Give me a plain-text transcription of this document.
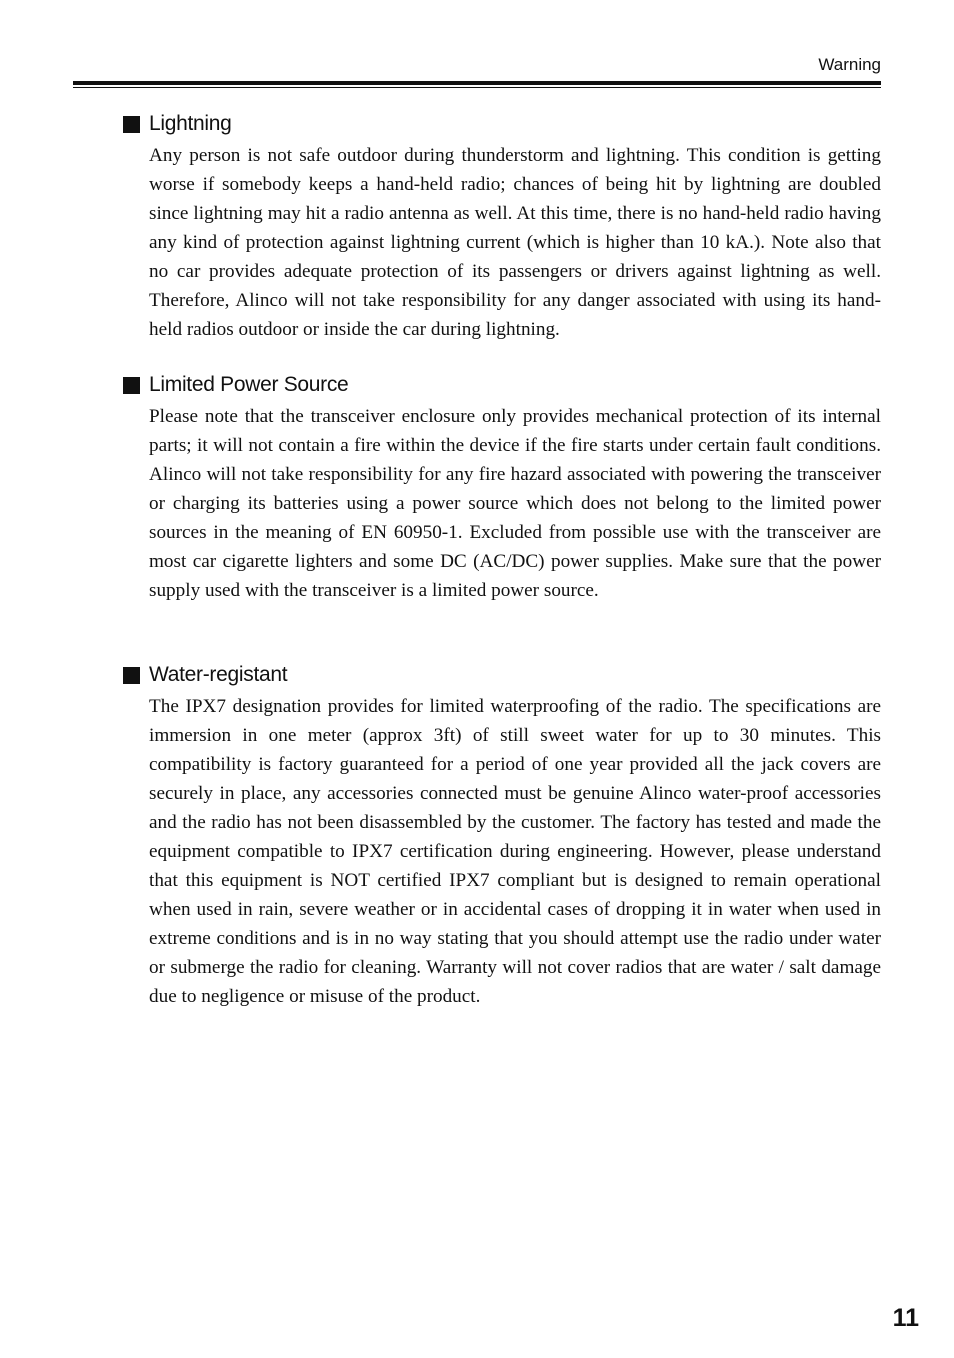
Warning
Lightning

Any person is not safe outdoor during thunderstorm and lightning. This condition is getting worse if somebody keeps a hand-held radio; chances of being hit by lightning are doubled since lightning may hit a radio antenna as well. At this time, there is no hand-held radio having any kind of protection against lightning current (which is higher than 10 kA.). Note also that no car provides adequate protection of its passengers or drivers against lightning as well. Therefore, Alinco will not take responsibility for any danger associated with using its hand-held radios outdoor or inside the car during lightning.

Limited Power Source

Please note that the transceiver enclosure only provides mechanical protection of its internal parts; it will not contain a fire within the device if the fire starts under certain fault conditions. Alinco will not take responsibility for any fire hazard associated with powering the transceiver or charging its batteries using a power source which does not belong to the limited power sources in the meaning of EN 60950-1. Excluded from possible use with the transceiver are most car cigarette lighters and some DC (AC/DC) power supplies. Make sure that the power supply used with the transceiver is a limited power source.

Water-registant

The IPX7 designation provides for limited waterproofing of the radio. The specifications are immersion in one meter (approx 3ft) of still sweet water for up to 30 minutes. This compatibility is factory guaranteed for a period of one year provided all the jack covers are securely in place, any accessories connected must be genuine Alinco water-proof accessories and the radio has not been disassembled by the customer. The factory has tested and made the equipment compatible to IPX7 certification during engineering. However, please understand that this equipment is NOT certified IPX7 compliant but is designed to remain operational when used in rain, severe weather or in accidental cases of dropping it in water when used in extreme conditions and is in no way stating that you should attempt use the radio under water or submerge the radio for cleaning. Warranty will not cover radios that are water / salt damage due to negligence or misuse of the product.

11
